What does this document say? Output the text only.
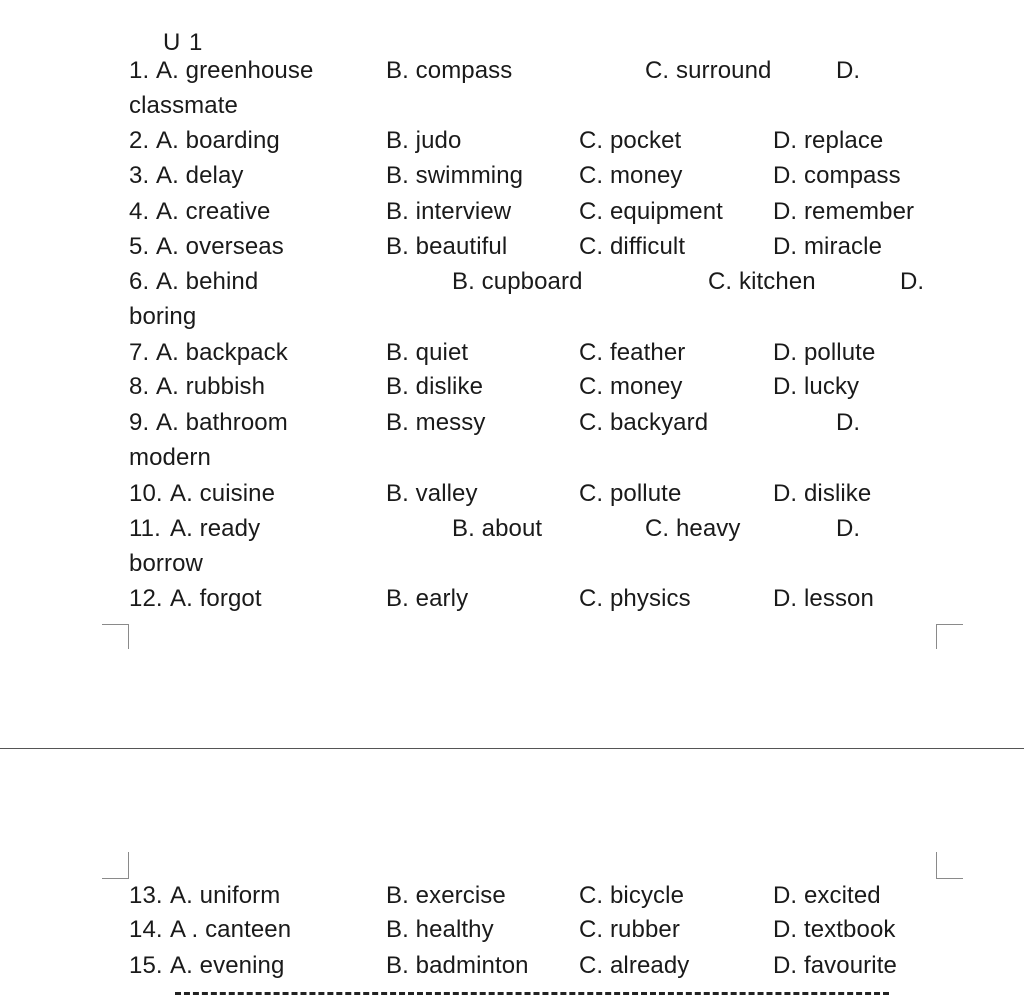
U 1
1. A. greenhouse	B. compass	C. surround	D.
classmate
2. A. boarding	B. judo	C. pocket	D. replace
3. A. delay	B. swimming C. money	D. compass
4. A. creative	B. interview	C. equipment D. remember
5. A. overseas	B. beautiful	C. difficult	D. miracle
6. A. behind	B. cupboard	C. kitchen	D.
boring
7. A. backpack	B. quiet	C. feather	D. pollute
8. A. rubbish	B. dislike	C. money	D. lucky
9. A. bathroom	B. messy	C. backyard	D.
modern
10. A. cuisine	B. valley	C. pollute	D. dislike
11. A. ready	B. about	C. heavy	D.
borrow
12. A. forgot	B. early	C. physics	D. lesson
13. A. uniform	B. exercise	C. bicycle	D. excited
14. A . canteen	B. healthy	C. rubber	D. textbook
15. A. evening	B. badminton C. already	D. favourite
